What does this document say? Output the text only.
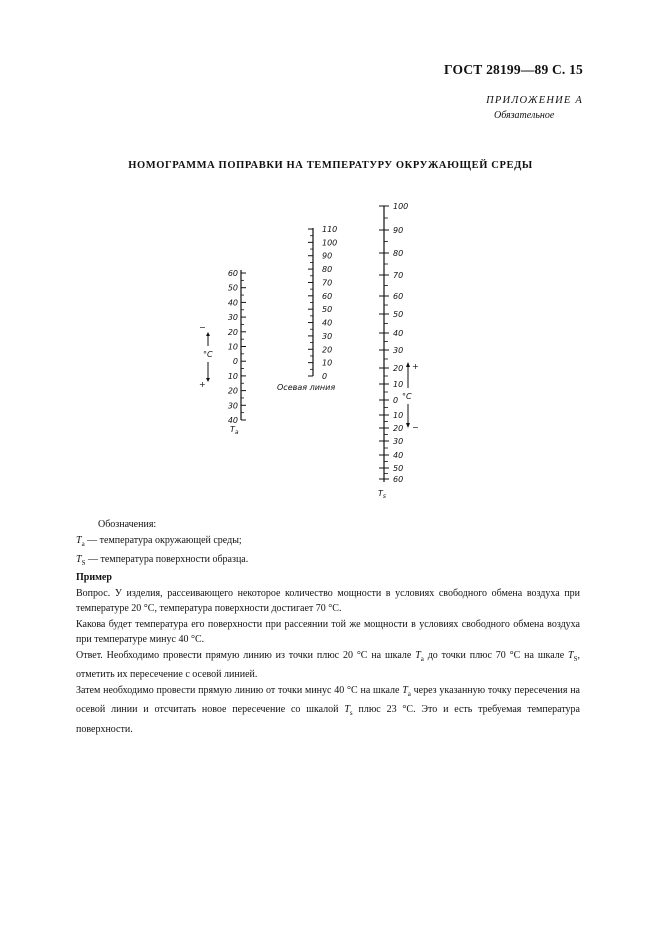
ГОСТ 28199—89 С. 15
ПРИЛОЖЕНИЕ А
Обязательное
НОМОГРАММА ПОПРАВКИ НА ТЕМПЕРАТУРУ ОКРУЖАЮЩЕЙ СРЕДЫ
60
50
40
30
20
10
0
10
20
30
40
$T_a$
−
°C
+
110
100
90
80
70
60
50
40
30
20
10
0
Осевая линия
100
90
80
70
60
50
40
30
20
10
0
10
20
30
40
50
60
$T_s$
+
°C
−
Обозначения:
$T_a$ — температура окружающей среды;
$T_S$ — температура поверхности образца.

Пример

Вопрос. У изделия, рассеивающего некоторое количество мощности в условиях свободного обмена воздуха при температуре 20 °С, температура поверхности достигает 70 °С.

Какова будет температура его поверхности при рассеянии той же мощности в условиях свободного обмена воздуха при температуре минус 40 °С.

Ответ. Необходимо провести прямую линию из точки плюс 20 °С на шкале $T_a$ до точки плюс 70 °С на шкале $T_S$, отметить их пересечение с осевой линией.

Затем необходимо провести прямую линию от точки минус 40 °С на шкале $T_a$ через указанную точку пересечения на осевой линии и отсчитать новое пересечение со шкалой $T_s$ плюс 23 °С. Это и есть требуемая температура поверхности.
